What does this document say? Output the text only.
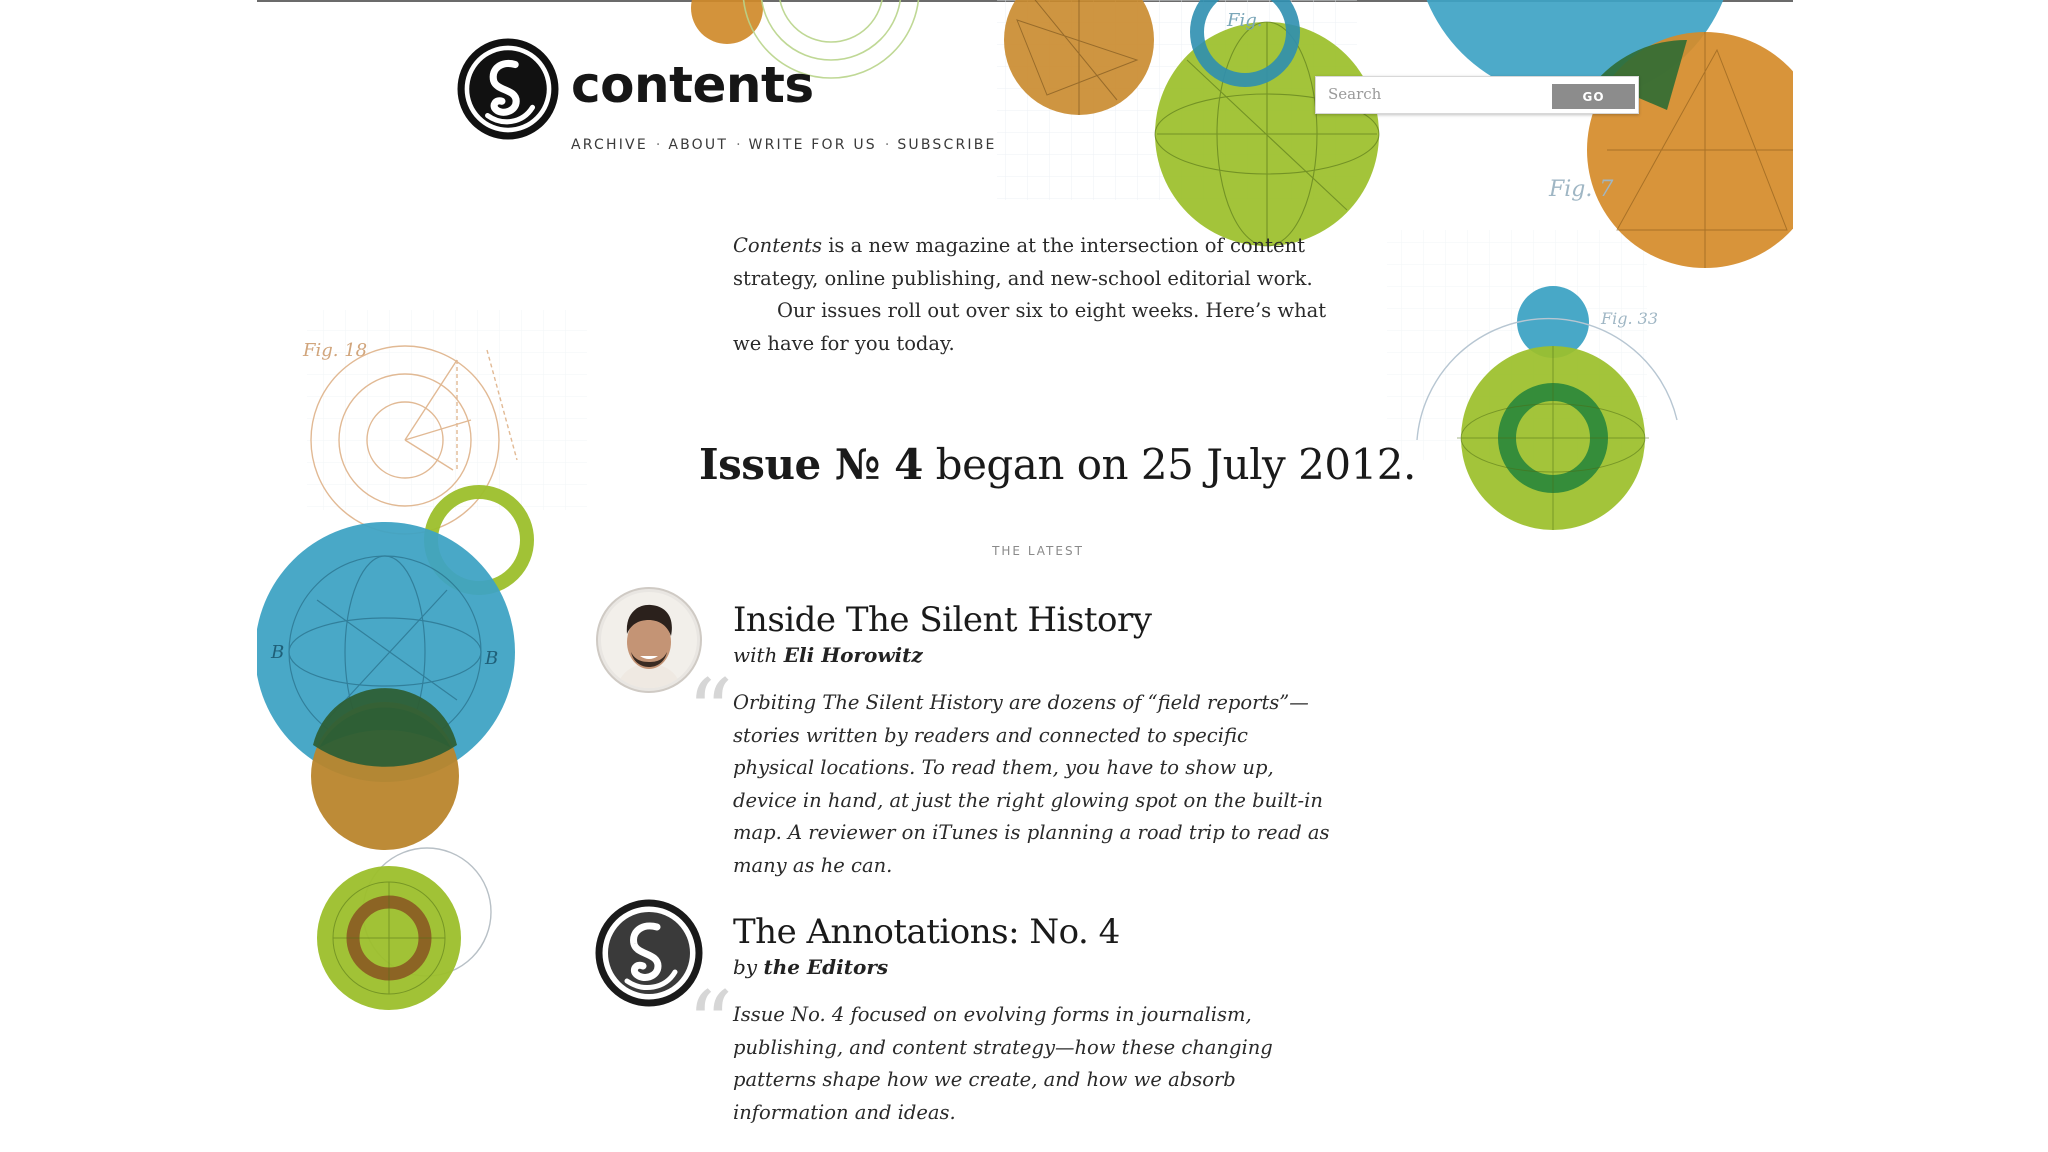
Fig.
Fig. 7
Fig. 33
Fig. 18
B	B
contents
ARCHIVE · ABOUT · WRITE FOR US · SUBSCRIBE
Search
GO

Contents is a new magazine at the intersection of content strategy, online publishing, and new-school editorial work.

Our issues roll out over six to eight weeks. Here’s what we have for you today.

Issue № 4 began on 25 July 2012.
THE LATEST
Inside The Silent History
with Eli Horowitz
“ Orbiting The Silent History are dozens of “field reports”—stories written by readers and connected to specific physical locations. To read them, you have to show up, device in hand, at just the right glowing spot on the built-in map. A reviewer on iTunes is planning a road trip to read as many as he can.
The Annotations: No. 4
by the Editors
“ Issue No. 4 focused on evolving forms in journalism, publishing, and content strategy—how these changing patterns shape how we create, and how we absorb information and ideas.
